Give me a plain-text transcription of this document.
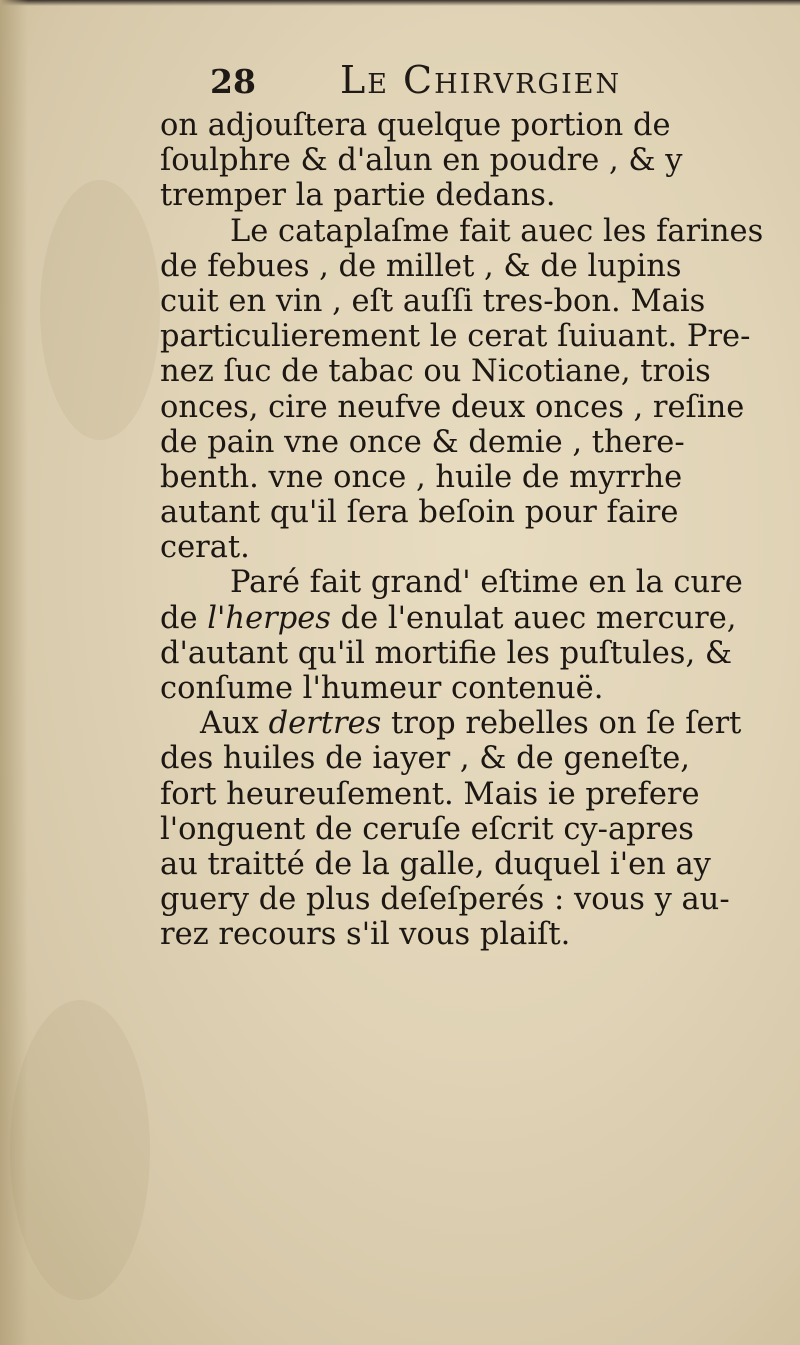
28 Le Chirvrgien
on adjouſtera quelque portion de
ſoulphre & d'alun en poudre , & y
tremper la partie dedans.
Le cataplaſme fait auec les farines
de febues , de millet , & de lupins
cuit en vin , eſt auſſi tres-bon. Mais
particulierement le cerat ſuiuant. Pre-
nez ſuc de tabac ou Nicotiane, trois
onces, cire neufve deux onces , reſine
de pain vne once & demie , there-
benth. vne once , huile de myrrhe
autant qu'il ſera beſoin pour faire
cerat.
Paré fait grand' eſtime en la cure
de l'herpes de l'enulat auec mercure,
d'autant qu'il mortifie les puſtules, &
conſume l'humeur contenuë.
Aux dertres trop rebelles on ſe ſert
des huiles de iayer , & de geneſte,
fort heureuſement. Mais ie prefere
l'onguent de ceruſe eſcrit cy-apres
au traitté de la galle, duquel i'en ay
guery de plus deſeſperés : vous y au-
rez recours s'il vous plaiſt.
